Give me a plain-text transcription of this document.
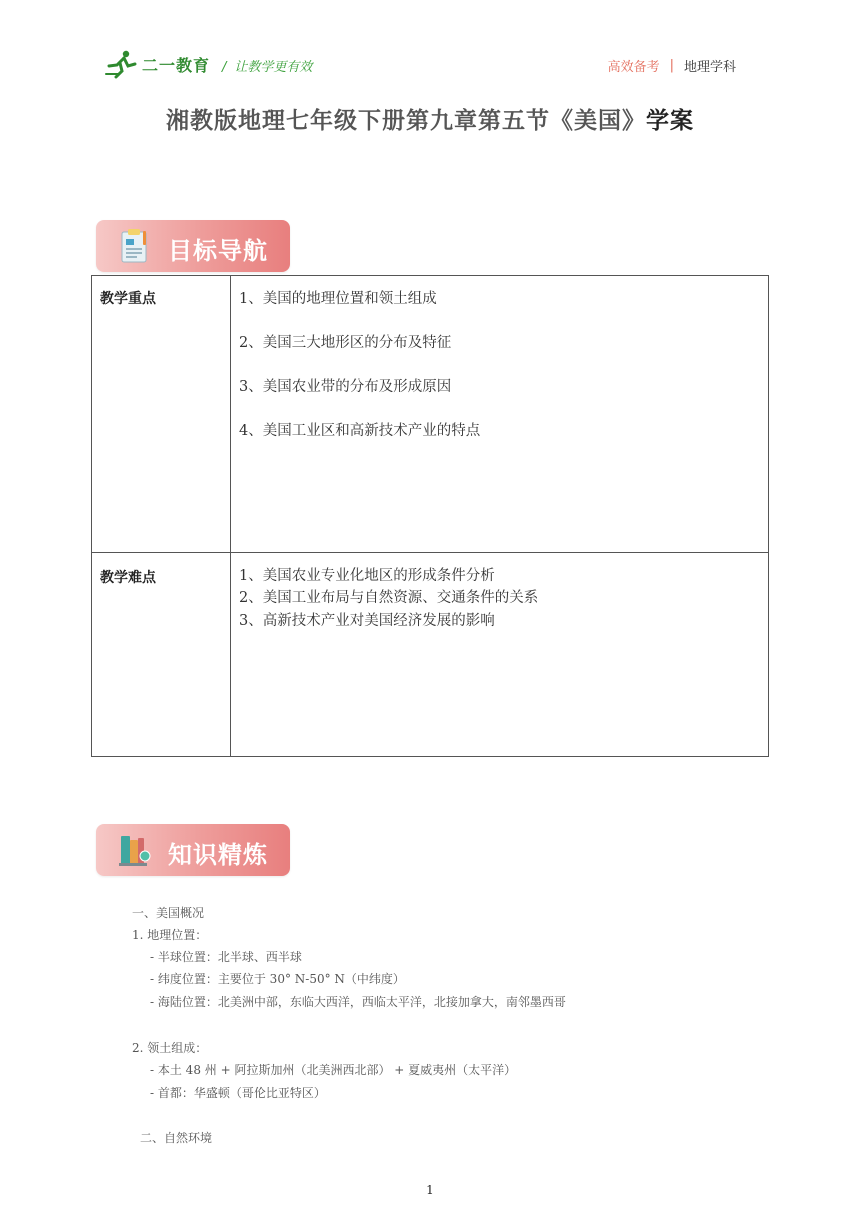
二一教育 / 让教学更有效	高效备考 | 地理学科
湘教版地理七年级下册第九章第五节《美国》学案
目标导航
教学重点	1、美国的地理位置和领土组成

2、美国三大地形区的分布及特征

3、美国农业带的分布及形成原因

4、美国工业区和高新技术产业的特点

教学难点	1、美国农业专业化地区的形成条件分析

2、美国工业布局与自然资源、交通条件的关系

3、高新技术产业对美国经济发展的影响

知识精炼
一、美国概况
1. 地理位置：
- 半球位置：北半球、西半球
- 纬度位置：主要位于 30° N-50° N（中纬度）
- 海陆位置：北美洲中部，东临大西洋，西临太平洋，北接加拿大，南邻墨西哥
2. 领土组成：
- 本土 48 州 + 阿拉斯加州（北美洲西北部） + 夏威夷州（太平洋）
- 首都：华盛顿（哥伦比亚特区）
二、自然环境
1
